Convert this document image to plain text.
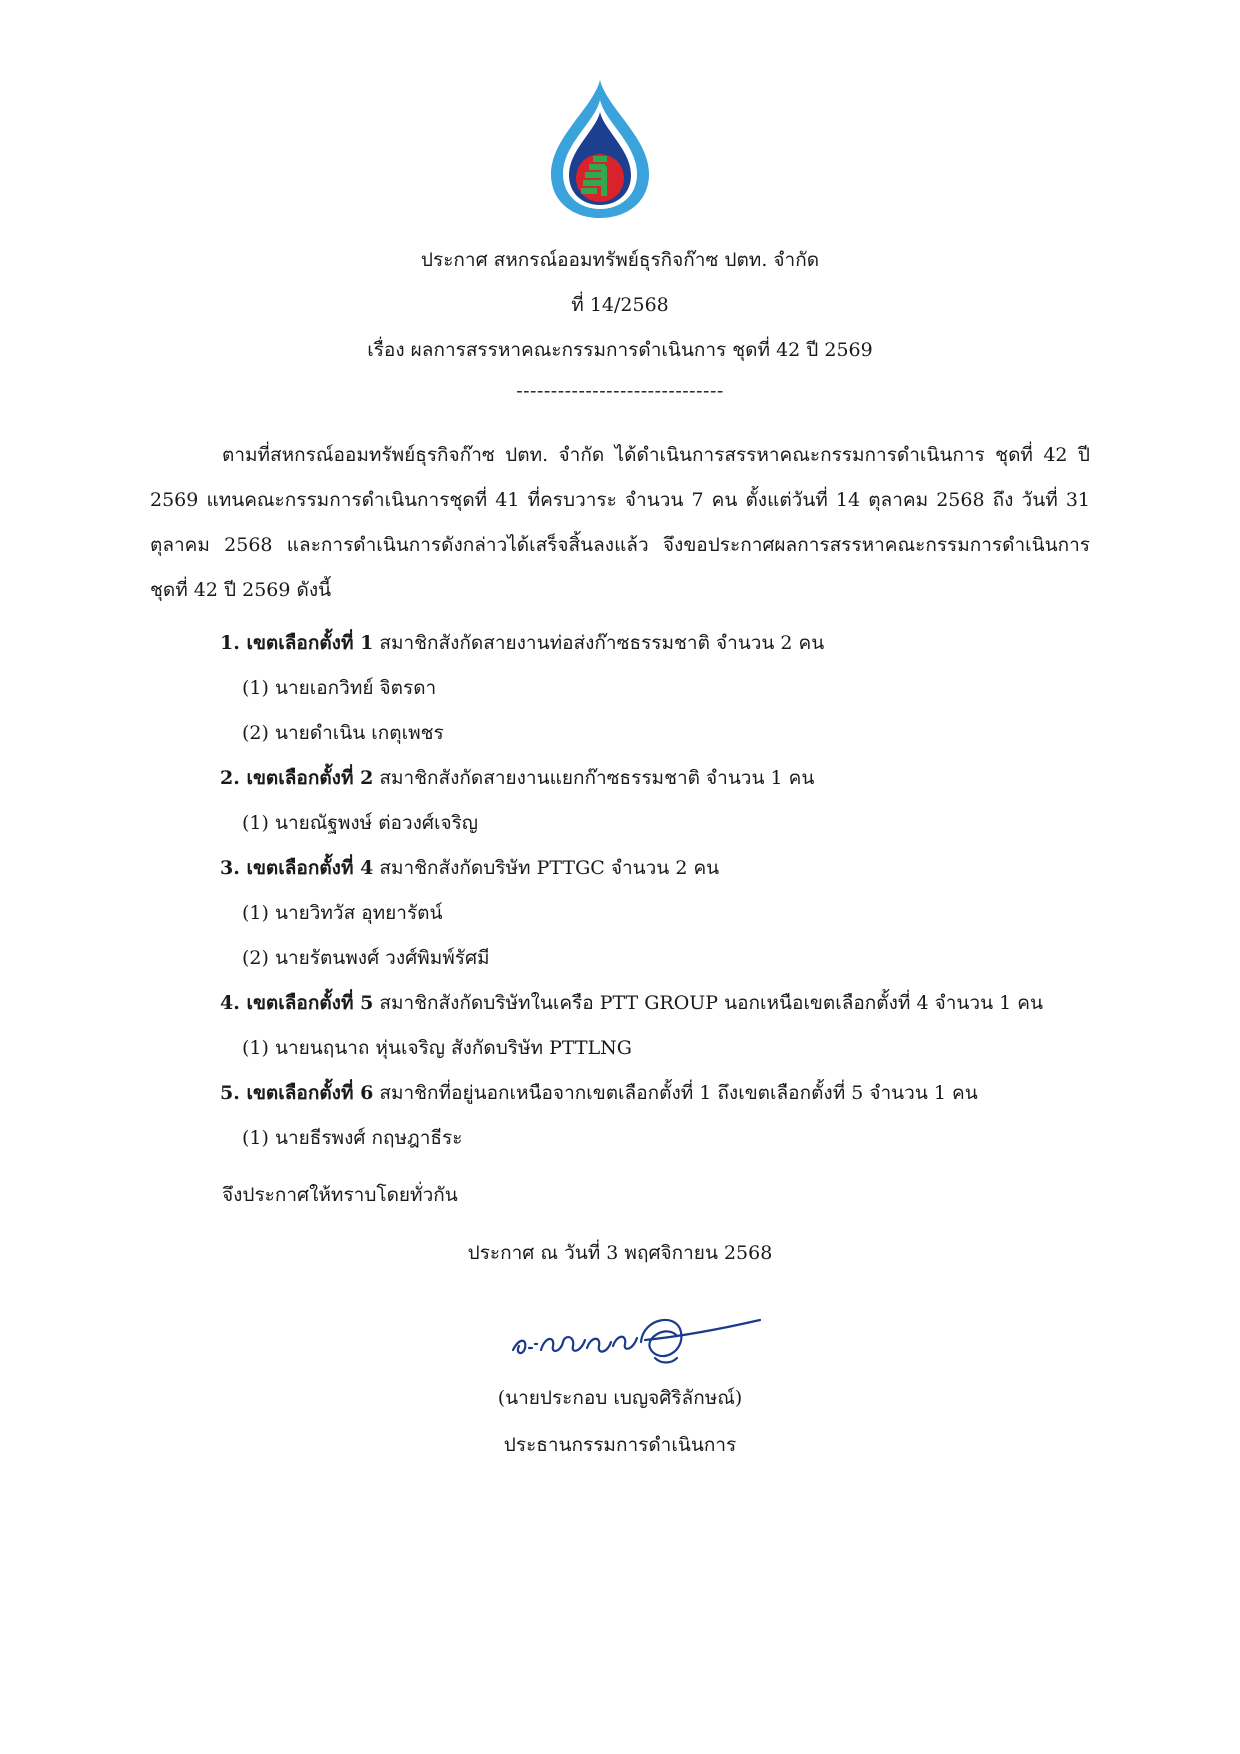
ประกาศ สหกรณ์ออมทรัพย์ธุรกิจก๊าซ ปตท. จำกัด
ที่ 14/2568
เรื่อง ผลการสรรหาคณะกรรมการดำเนินการ ชุดที่ 42 ปี 2569
------------------------------
ตามที่สหกรณ์ออมทรัพย์ธุรกิจก๊าซ ปตท. จำกัด ได้ดำเนินการสรรหาคณะกรรมการดำเนินการ ชุดที่ 42 ปี 2569 แทนคณะกรรมการดำเนินการชุดที่ 41 ที่ครบวาระ จำนวน 7 คน ตั้งแต่วันที่ 14 ตุลาคม 2568 ถึง วันที่ 31 ตุลาคม 2568 และการดำเนินการดังกล่าวได้เสร็จสิ้นลงแล้ว จึงขอประกาศผลการสรรหาคณะกรรมการดำเนินการชุดที่ 42 ปี 2569 ดังนี้
1. เขตเลือกตั้งที่ 1 สมาชิกสังกัดสายงานท่อส่งก๊าซธรรมชาติ จำนวน 2 คน
(1) นายเอกวิทย์ จิตรดา
(2) นายดำเนิน เกตุเพชร
2. เขตเลือกตั้งที่ 2 สมาชิกสังกัดสายงานแยกก๊าซธรรมชาติ จำนวน 1 คน
(1) นายณัฐพงษ์ ต่อวงศ์เจริญ
3. เขตเลือกตั้งที่ 4 สมาชิกสังกัดบริษัท PTTGC จำนวน 2 คน
(1) นายวิทวัส อุทยารัตน์
(2) นายรัตนพงศ์ วงศ์พิมพ์รัศมี
4. เขตเลือกตั้งที่ 5 สมาชิกสังกัดบริษัทในเครือ PTT GROUP นอกเหนือเขตเลือกตั้งที่ 4 จำนวน 1 คน
(1) นายนฤนาถ หุ่นเจริญ สังกัดบริษัท PTTLNG
5. เขตเลือกตั้งที่ 6 สมาชิกที่อยู่นอกเหนือจากเขตเลือกตั้งที่ 1 ถึงเขตเลือกตั้งที่ 5 จำนวน 1 คน
(1) นายธีรพงศ์ กฤษฎาธีระ
จึงประกาศให้ทราบโดยทั่วกัน
ประกาศ ณ วันที่ 3 พฤศจิกายน 2568
(นายประกอบ เบญจศิริลักษณ์)
ประธานกรรมการดำเนินการ
